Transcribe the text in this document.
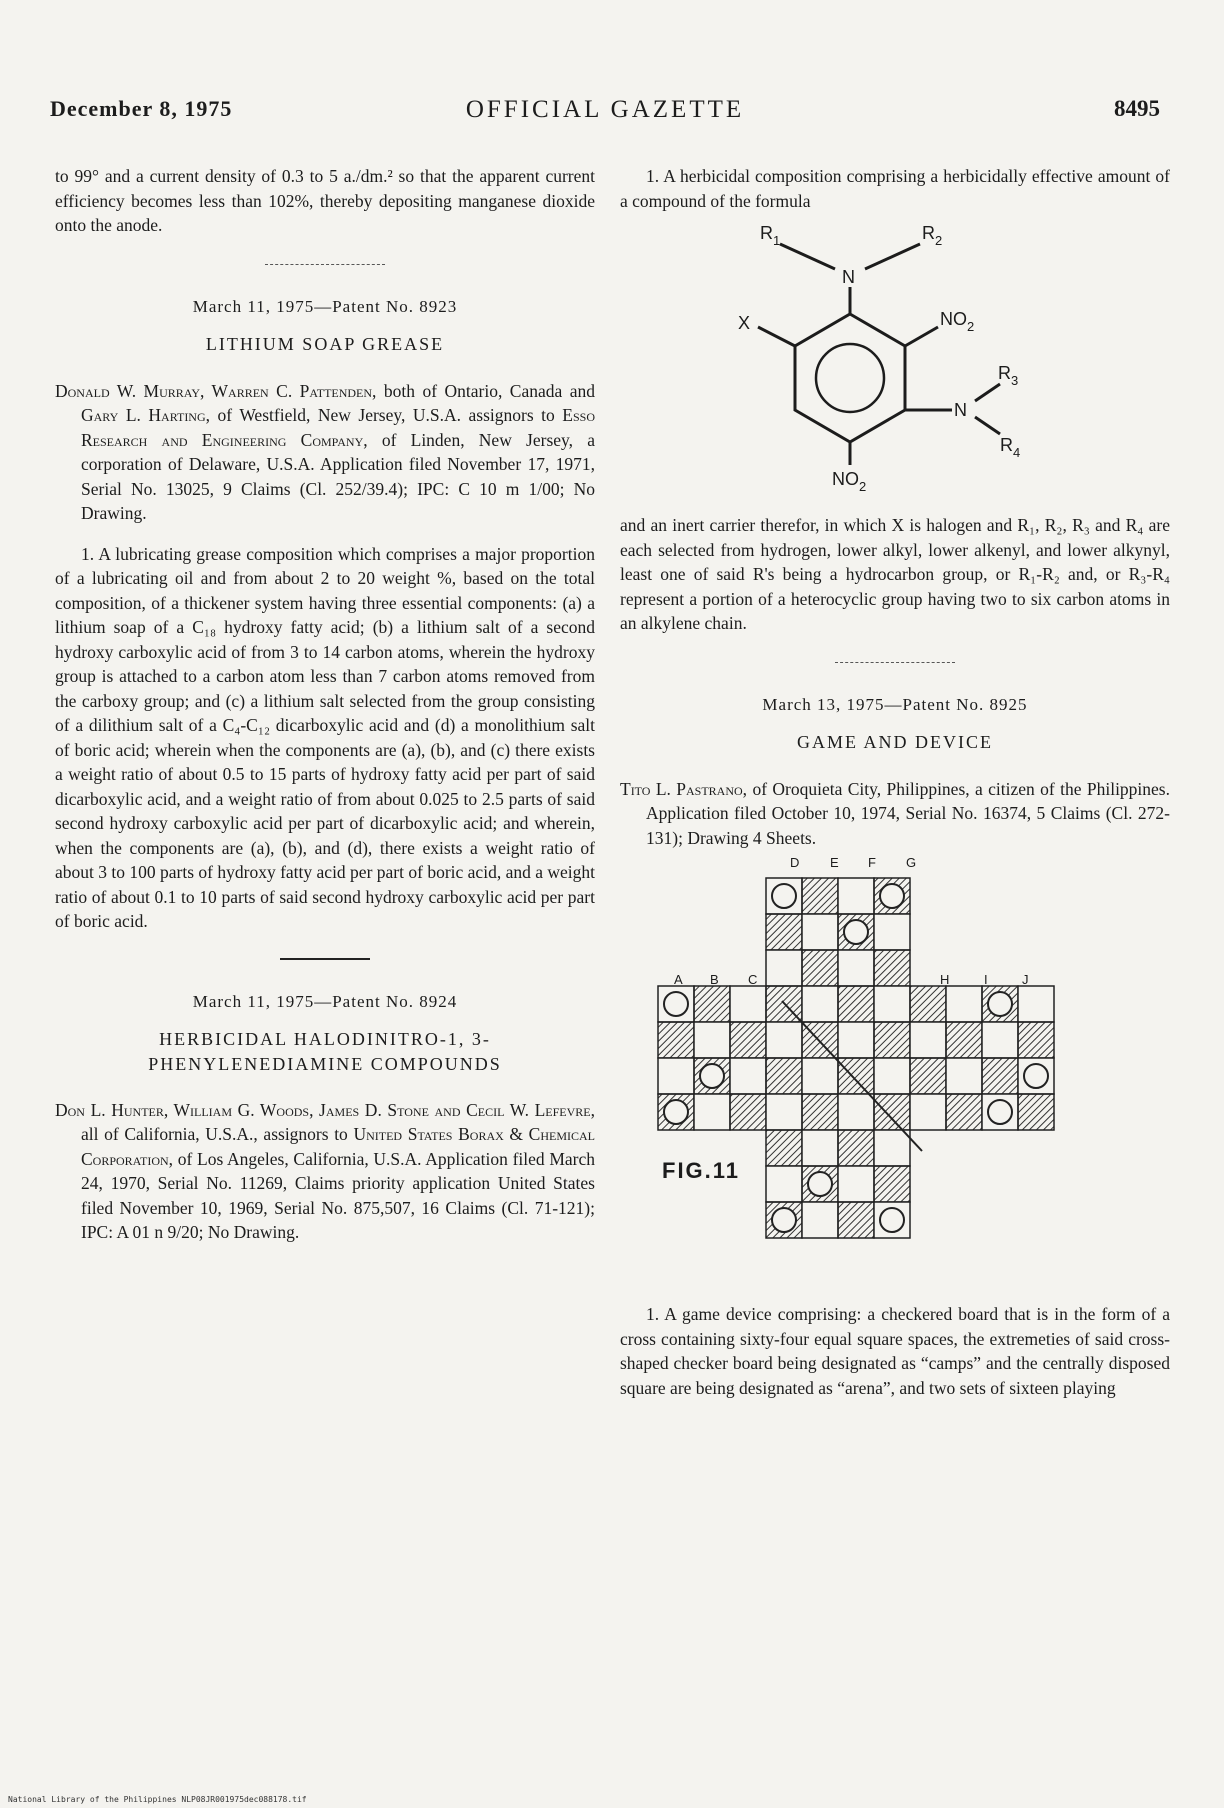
December 8, 1975	OFFICIAL GAZETTE	8495

to 99° and a current density of 0.3 to 5 a./dm.² so that the apparent current efficiency becomes less than 102%, thereby depositing manganese dioxide onto the anode.

March 11, 1975—Patent No. 8923
LITHIUM SOAP GREASE

Donald W. Murray, Warren C. Pattenden, both of Ontario, Canada and Gary L. Harting, of Westfield, New Jersey, U.S.A. assignors to Esso Research and Engineering Company, of Linden, New Jersey, a corporation of Delaware, U.S.A. Application filed November 17, 1971, Serial No. 13025, 9 Claims (Cl. 252/39.4); IPC: C 10 m 1/00; No Drawing.

1. A lubricating grease composition which comprises a major proportion of a lubricating oil and from about 2 to 20 weight %, based on the total composition, of a thickener system having three essential components: (a) a lithium soap of a C₁₈ hydroxy fatty acid; (b) a lithium salt of a second hydroxy carboxylic acid of from 3 to 14 carbon atoms, wherein the hydroxy group is attached to a carbon atom less than 7 carbon atoms removed from the carboxy group; and (c) a lithium salt selected from the group consisting of a dilithium salt of a C₄-C₁₂ dicarboxylic acid and (d) a monolithium salt of boric acid; wherein when the components are (a), (b), and (c) there exists a weight ratio of about 0.5 to 15 parts of hydroxy fatty acid per part of said dicarboxylic acid, and a weight ratio of from about 0.025 to 2.5 parts of said second hydroxy carboxylic acid per part of dicarboxylic acid; and wherein, when the components are (a), (b), and (d), there exists a weight ratio of about 3 to 100 parts of hydroxy fatty acid per part of boric acid, and a weight ratio of about 0.1 to 10 parts of said second hydroxy carboxylic acid per part of boric acid.

March 11, 1975—Patent No. 8924
HERBICIDAL HALODINITRO-1, 3-PHENYLENEDIAMINE COMPOUNDS

Don L. Hunter, William G. Woods, James D. Stone and Cecil W. Lefevre, all of California, U.S.A., assignors to United States Borax & Chemical Corporation, of Los Angeles, California, U.S.A. Application filed March 24, 1970, Serial No. 11269, Claims priority application United States filed November 10, 1969, Serial No. 875,507, 16 Claims (Cl. 71-121); IPC: A 01 n 9/20; No Drawing.

1. A herbicidal composition comprising a herbicidally effective amount of a compound of the formula

$R_1$	$R_2$
N
X	$NO_2$
N
$R_3$
$R_4$
$NO_2$

and an inert carrier therefor, in which X is halogen and R₁, R₂, R₃ and R₄ are each selected from hydrogen, lower alkyl, lower alkenyl, and lower alkynyl, least one of said R's being a hydrocarbon group, or R₁-R₂ and, or R₃-R₄ represent a portion of a heterocyclic group having two to six carbon atoms in an alkylene chain.

March 13, 1975—Patent No. 8925
GAME AND DEVICE

Tito L. Pastrano, of Oroquieta City, Philippines, a citizen of the Philippines. Application filed October 10, 1974, Serial No. 16374, 5 Claims (Cl. 272-131); Drawing 4 Sheets.

D E F G
A B C	H	I	J
FIG.11

1. A game device comprising: a checkered board that is in the form of a cross containing sixty-four equal square spaces, the extremeties of said cross-shaped checker board being designated as “camps” and the centrally disposed square are being designated as “arena”, and two sets of sixteen playing

National Library of the Philippines NLP08JR001975dec088178.tif
